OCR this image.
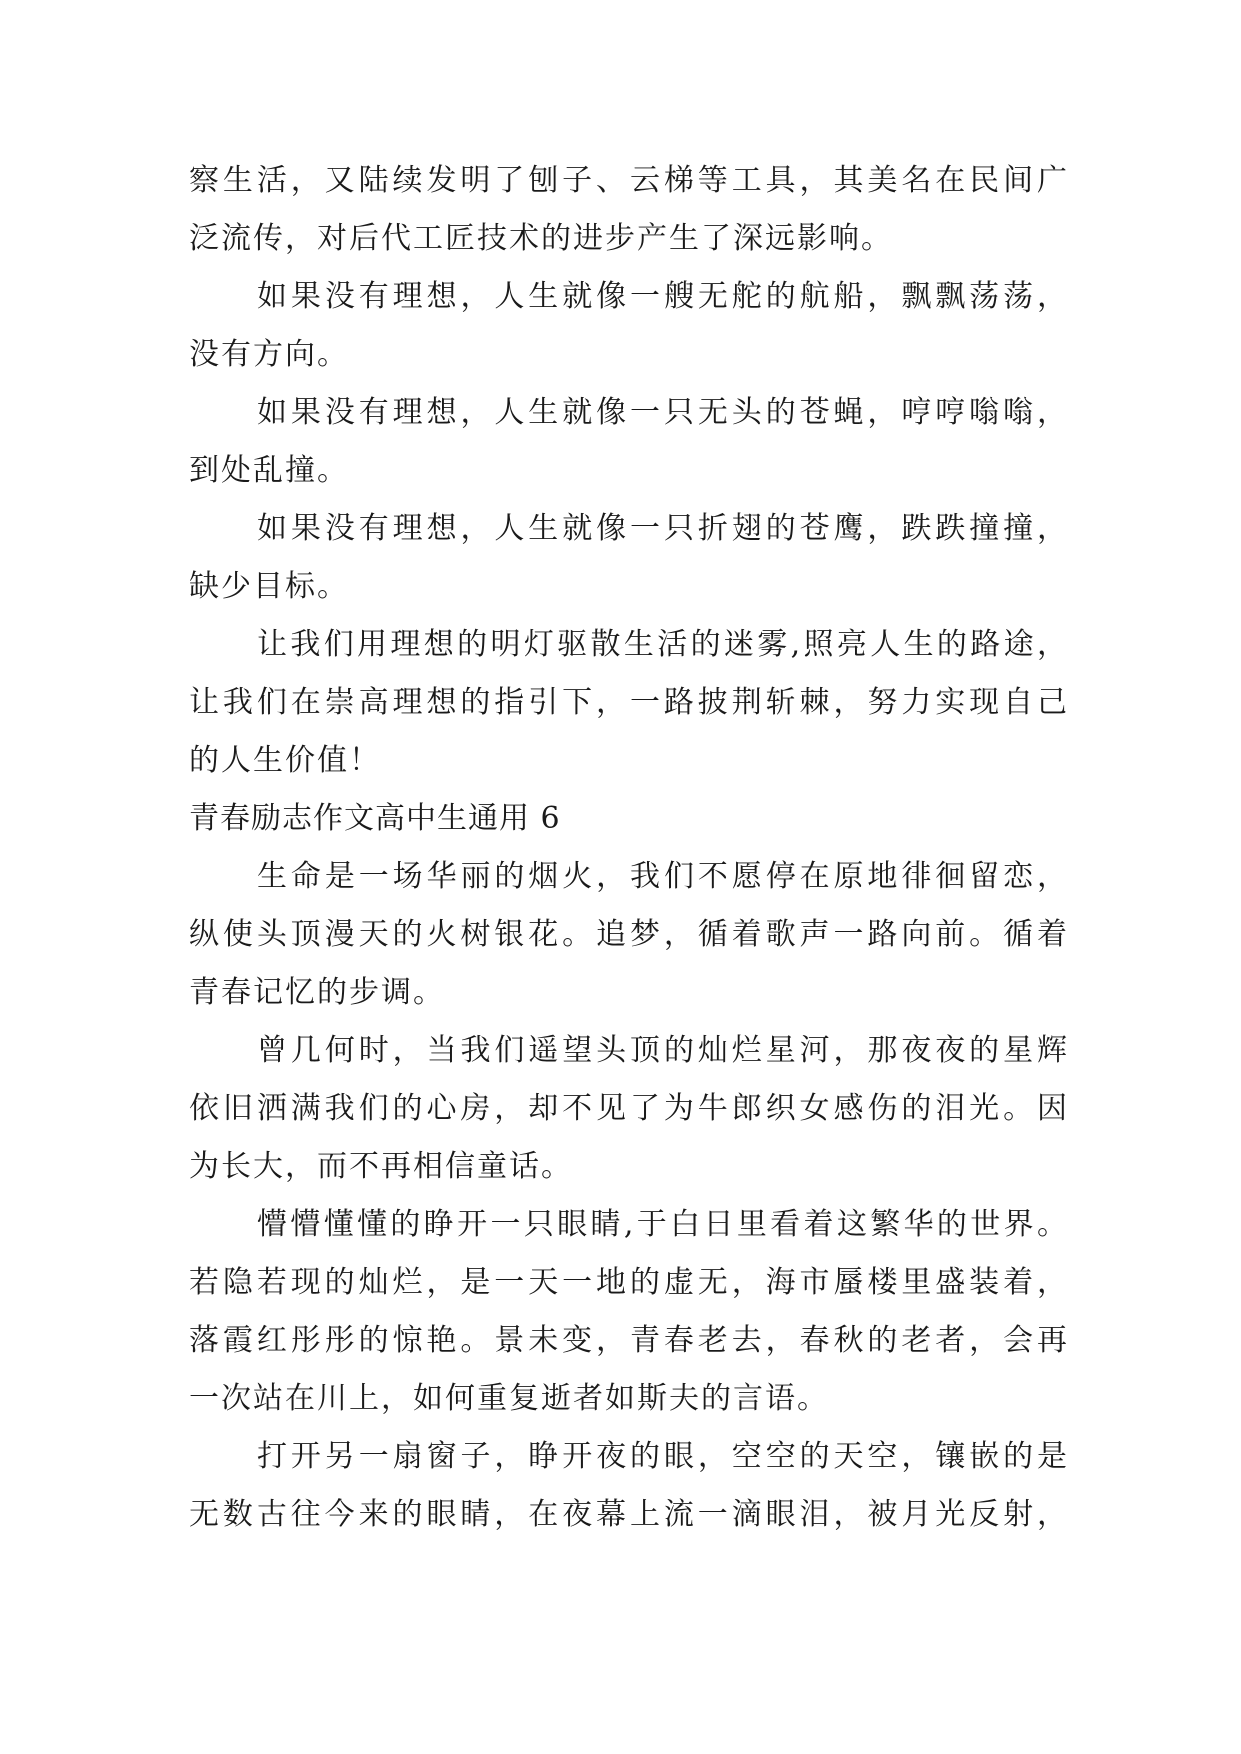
察生活，又陆续发明了刨子、云梯等工具，其美名在民间广
泛流传，对后代工匠技术的进步产生了深远影响。
如果没有理想，人生就像一艘无舵的航船，飘飘荡荡，
没有方向。
如果没有理想，人生就像一只无头的苍蝇，哼哼嗡嗡，
到处乱撞。
如果没有理想，人生就像一只折翅的苍鹰，跌跌撞撞，
缺少目标。
让我们用理想的明灯驱散生活的迷雾,照亮人生的路途，
让我们在崇高理想的指引下，一路披荆斩棘，努力实现自己
的人生价值！
青春励志作文高中生通用 6
生命是一场华丽的烟火，我们不愿停在原地徘徊留恋，
纵使头顶漫天的火树银花。追梦，循着歌声一路向前。循着
青春记忆的步调。
曾几何时，当我们遥望头顶的灿烂星河，那夜夜的星辉
依旧洒满我们的心房，却不见了为牛郎织女感伤的泪光。因
为长大，而不再相信童话。
懵懵懂懂的睁开一只眼睛,于白日里看着这繁华的世界。
若隐若现的灿烂，是一天一地的虚无，海市蜃楼里盛装着，
落霞红彤彤的惊艳。景未变，青春老去，春秋的老者，会再
一次站在川上，如何重复逝者如斯夫的言语。
打开另一扇窗子，睁开夜的眼，空空的天空，镶嵌的是
无数古往今来的眼睛，在夜幕上流一滴眼泪，被月光反射，
